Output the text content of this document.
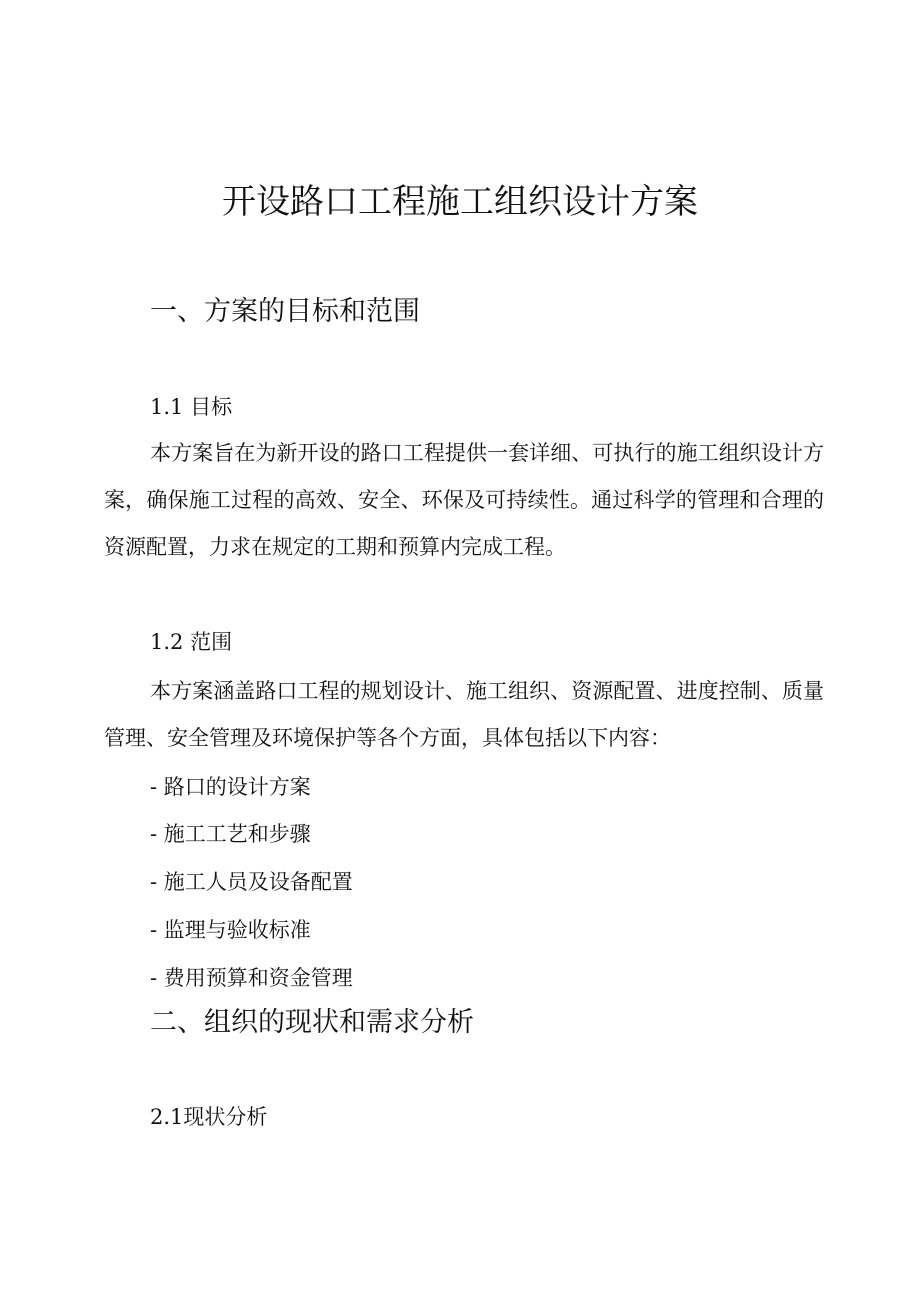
开设路口工程施工组织设计方案
一、方案的目标和范围
1.1 目标
本方案旨在为新开设的路口工程提供一套详细、可执行的施工组织设计方案，确保施工过程的高效、安全、环保及可持续性。通过科学的管理和合理的资源配置，力求在规定的工期和预算内完成工程。
1.2 范围
本方案涵盖路口工程的规划设计、施工组织、资源配置、进度控制、质量管理、安全管理及环境保护等各个方面，具体包括以下内容：
- 路口的设计方案
- 施工工艺和步骤
- 施工人员及设备配置
- 监理与验收标准
- 费用预算和资金管理
二、组织的现状和需求分析
2.1现状分析
